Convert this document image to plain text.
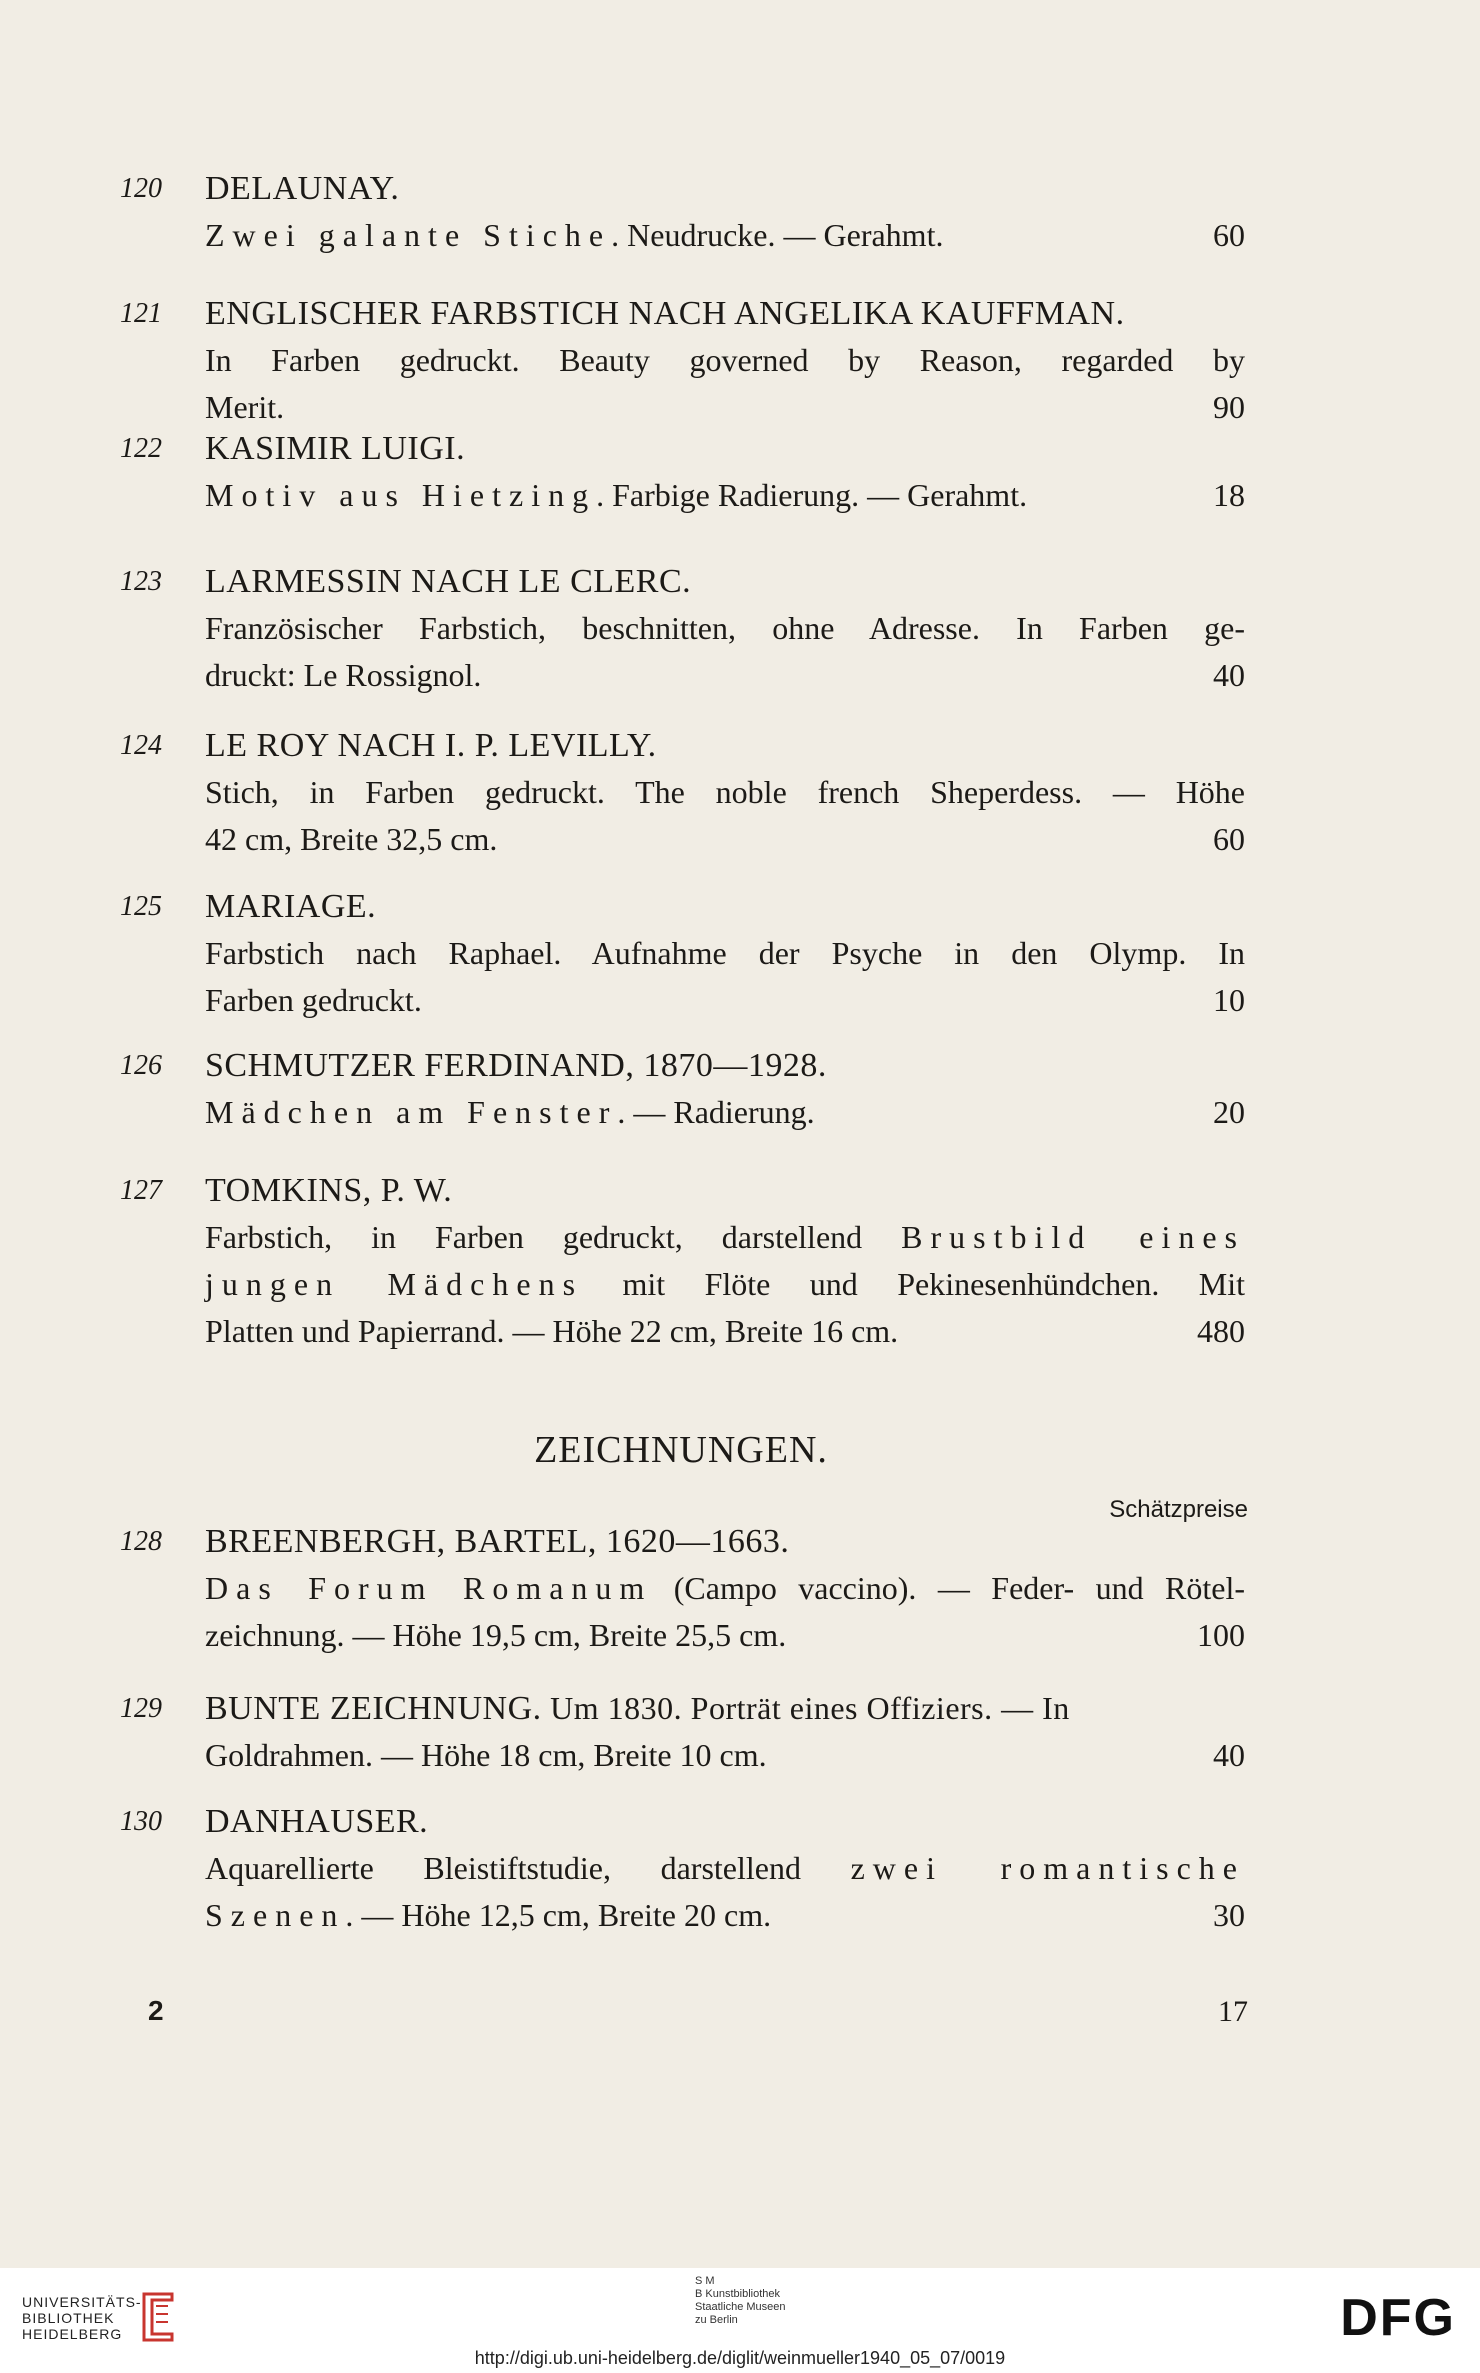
120	DELAUNAY.
Zwei galante Stiche. Neudrucke. — Gerahmt.	60
121	ENGLISCHER FARBSTICH NACH ANGELIKA KAUFFMAN.
In Farben gedruckt. Beauty governed by Reason, regarded by
Merit.	90
122	KASIMIR LUIGI.
Motiv aus Hietzing. Farbige Radierung. — Gerahmt.	18
123	LARMESSIN NACH LE CLERC.
Französischer Farbstich, beschnitten, ohne Adresse. In Farben ge-
druckt: Le Rossignol.	40
124	LE ROY NACH I. P. LEVILLY.
Stich, in Farben gedruckt. The noble french Sheperdess. — Höhe
42 cm, Breite 32,5 cm.	60
125	MARIAGE.
Farbstich nach Raphael. Aufnahme der Psyche in den Olymp. In
Farben gedruckt.	10
126	SCHMUTZER FERDINAND, 1870—1928.
Mädchen am Fenster. — Radierung.	20
127	TOMKINS, P. W.
Farbstich, in Farben gedruckt, darstellend Brustbild eines
jungen Mädchens mit Flöte und Pekinesenhündchen. Mit
Platten und Papierrand. — Höhe 22 cm, Breite 16 cm.	480
128	BREENBERGH, BARTEL, 1620—1663.
Das Forum Romanum (Campo vaccino). — Feder- und Rötel-
zeichnung. — Höhe 19,5 cm, Breite 25,5 cm.	100
129	BUNTE ZEICHNUNG. Um 1830. Porträt eines Offiziers. — In
Goldrahmen. — Höhe 18 cm, Breite 10 cm.	40
130	DANHAUSER.
Aquarellierte Bleistiftstudie, darstellend zwei romantische
Szenen. — Höhe 12,5 cm, Breite 20 cm.	30
ZEICHNUNGEN.
Schätzpreise
2	17
UNIVERSITÄTS-
BIBLIOTHEK
HEIDELBERG
S M
B Kunstbibliothek
Staatliche Museen
zu Berlin	DFG
http://digi.ub.uni-heidelberg.de/diglit/weinmueller1940_05_07/0019
